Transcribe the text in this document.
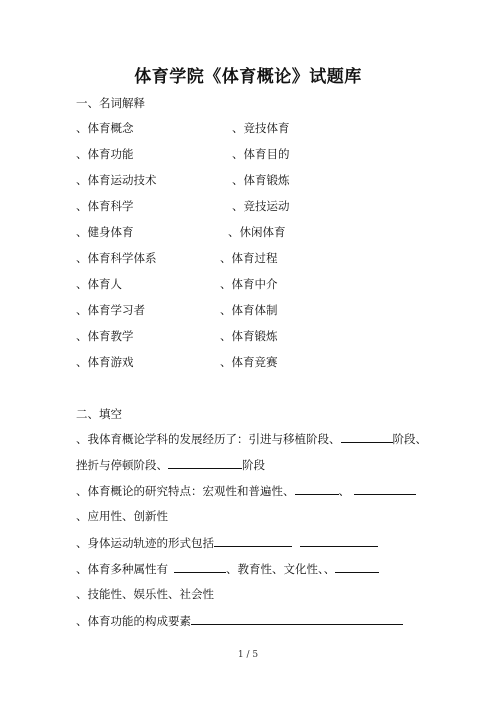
体育学院《体育概论》试题库
一、名词解释
、体育概念	、竞技体育
、体育功能	、体育目的
、体育运动技术	、体育锻炼
、体育科学	、竞技运动
、健身体育	、休闲体育
、体育科学体系	、体育过程
、体育人	、体育中介
、体育学习者	、体育体制
、体育教学	、体育锻炼
、体育游戏	、体育竞赛
二、填空
、我体育概论学科的发展经历了：引进与移植阶段、	阶段、
挫折与停顿阶段、	阶段
、体育概论的研究特点：宏观性和普遍性、	、
、应用性、创新性
、身体运动轨迹的形式包括
、体育多种属性有	、教育性、文化性、、
、技能性、娱乐性、社会性
、体育功能的构成要素
1 / 5
